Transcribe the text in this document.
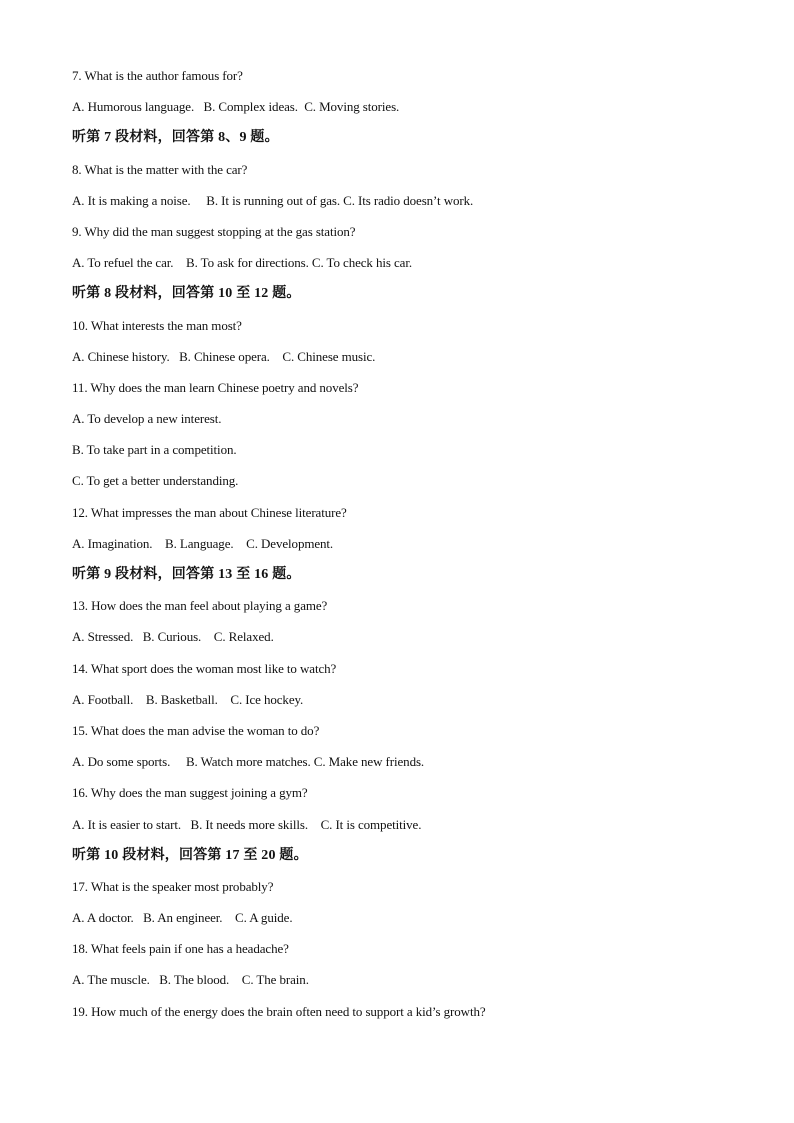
7. What is the author famous for?
A. Humorous language.   B. Complex ideas.  C. Moving stories.
听第 7 段材料，回答第 8、9 题。
8. What is the matter with the car?
A. It is making a noise.     B. It is running out of gas. C. Its radio doesn’t work.
9. Why did the man suggest stopping at the gas station?
A. To refuel the car.    B. To ask for directions. C. To check his car.
听第 8 段材料，回答第 10 至 12 题。
10. What interests the man most?
A. Chinese history.   B. Chinese opera.    C. Chinese music.
11. Why does the man learn Chinese poetry and novels?
A. To develop a new interest.
B. To take part in a competition.
C. To get a better understanding.
12. What impresses the man about Chinese literature?
A. Imagination.    B. Language.    C. Development.
听第 9 段材料，回答第 13 至 16 题。
13. How does the man feel about playing a game?
A. Stressed.   B. Curious.    C. Relaxed.
14. What sport does the woman most like to watch?
A. Football.    B. Basketball.    C. Ice hockey.
15. What does the man advise the woman to do?
A. Do some sports.     B. Watch more matches. C. Make new friends.
16. Why does the man suggest joining a gym?
A. It is easier to start.   B. It needs more skills.    C. It is competitive.
听第 10 段材料，回答第 17 至 20 题。
17. What is the speaker most probably?
A. A doctor.   B. An engineer.    C. A guide.
18. What feels pain if one has a headache?
A. The muscle.   B. The blood.    C. The brain.
19. How much of the energy does the brain often need to support a kid’s growth?
